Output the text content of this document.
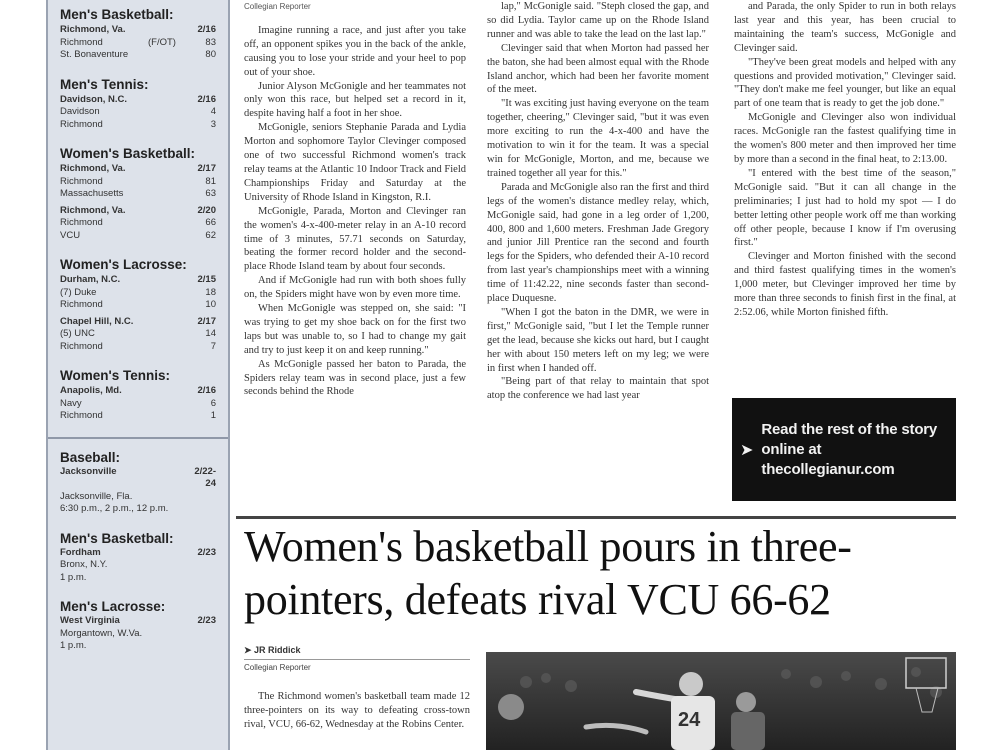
Men's Basketball:
Richmond, Va.	2/16
Richmond	(F/OT)	83
St. Bonaventure	80
Men's Tennis:
Davidson, N.C.	2/16
Davidson	4
Richmond	3
Women's Basketball:
Richmond, Va.	2/17
Richmond	81
Massachusetts	63
Richmond, Va.	2/20
Richmond	66
VCU	62
Women's Lacrosse:
Durham, N.C.	2/15
(7) Duke	18
Richmond	10
Chapel Hill, N.C.	2/17
(5) UNC	14
Richmond	7
Women's Tennis:
Anapolis, Md.	2/16
Navy	6
Richmond	1
Baseball:
Jacksonville	2/22-24
Jacksonville, Fla.
6:30 p.m., 2 p.m., 12 p.m.
Men's Basketball:
Fordham	2/23
Bronx, N.Y.
1 p.m.
Men's Lacrosse:
West Virginia	2/23
Morgantown, W.Va.
1 p.m.
Collegian Reporter

Imagine running a race, and just after you take off, an opponent spikes you in the back of the ankle, causing you to lose your stride and your heel to pop out of your shoe.

Junior Alyson McGonigle and her teammates not only won this race, but helped set a record in it, despite having half a foot in her shoe.

McGonigle, seniors Stephanie Parada and Lydia Morton and sophomore Taylor Clevinger composed one of two successful Richmond women's track relay teams at the Atlantic 10 Indoor Track and Field Championships Friday and Saturday at the University of Rhode Island in Kingston, R.I.

McGonigle, Parada, Morton and Clevinger ran the women's 4-x-400-meter relay in an A-10 record time of 3 minutes, 57.71 seconds on Saturday, beating the former record holder and the second-place Rhode Island team by about four seconds.

And if McGonigle had run with both shoes fully on, the Spiders might have won by even more time.

When McGonigle was stepped on, she said: "I was trying to get my shoe back on for the first two laps but was unable to, so I had to change my gait and try to just keep it on and keep running."

As McGonigle passed her baton to Parada, the Spiders relay team was in second place, just a few seconds behind the Rhode

lap," McGonigle said. "Steph closed the gap, and so did Lydia. Taylor came up on the Rhode Island runner and was able to take the lead on the last lap."

Clevinger said that when Morton had passed her the baton, she had been almost equal with the Rhode Island anchor, which had been her favorite moment of the meet.

"It was exciting just having everyone on the team together, cheering," Clevinger said, "but it was even more exciting to run the 4-x-400 and have the motivation to win it for the team. It was a special win for McGonigle, Morton, and me, because we trained together all year for this."

Parada and McGonigle also ran the first and third legs of the women's distance medley relay, which, McGonigle said, had gone in a leg order of 1,200, 400, 800 and 1,600 meters. Freshman Jade Gregory and junior Jill Prentice ran the second and fourth legs for the Spiders, who defended their A-10 record from last year's championships meet with a winning time of 11:42.22, nine seconds faster than second-place Duquesne.

"When I got the baton in the DMR, we were in first," McGonigle said, "but I let the Temple runner get the lead, because she kicks out hard, but I caught her with about 150 meters left on my leg; we were in first when I handed off.

"Being part of that relay to maintain that spot atop the conference we had last year

and Parada, the only Spider to run in both relays last year and this year, has been crucial to maintaining the team's success, McGonigle and Clevinger said.

"They've been great models and helped with any questions and provided motivation," Clevinger said. "They don't make me feel younger, but like an equal part of one team that is ready to get the job done."

McGonigle and Clevinger also won individual races. McGonigle ran the fastest qualifying time in the women's 800 meter and then improved her time by more than a second in the final heat, to 2:13.00.

"I entered with the best time of the season," McGonigle said. "But it can all change in the preliminaries; I just had to hold my spot — I do better letting other people work off me than working off other people, because I know if I'm overusing first."

Clevinger and Morton finished with the second and third fastest qualifying times in the women's 1,000 meter, but Clevinger improved her time by more than three seconds to finish first in the final, at 2:52.06, while Morton finished fifth.

➤
Read the rest of the story
online at thecollegianur.com
Women's basketball pours in three-
pointers, defeats rival VCU 66-62
➤ JR Riddick
Collegian Reporter

The Richmond women's basketball team made 12 three-pointers on its way to defeating cross-town rival, VCU, 66-62, Wednesday at the Robins Center.	24
